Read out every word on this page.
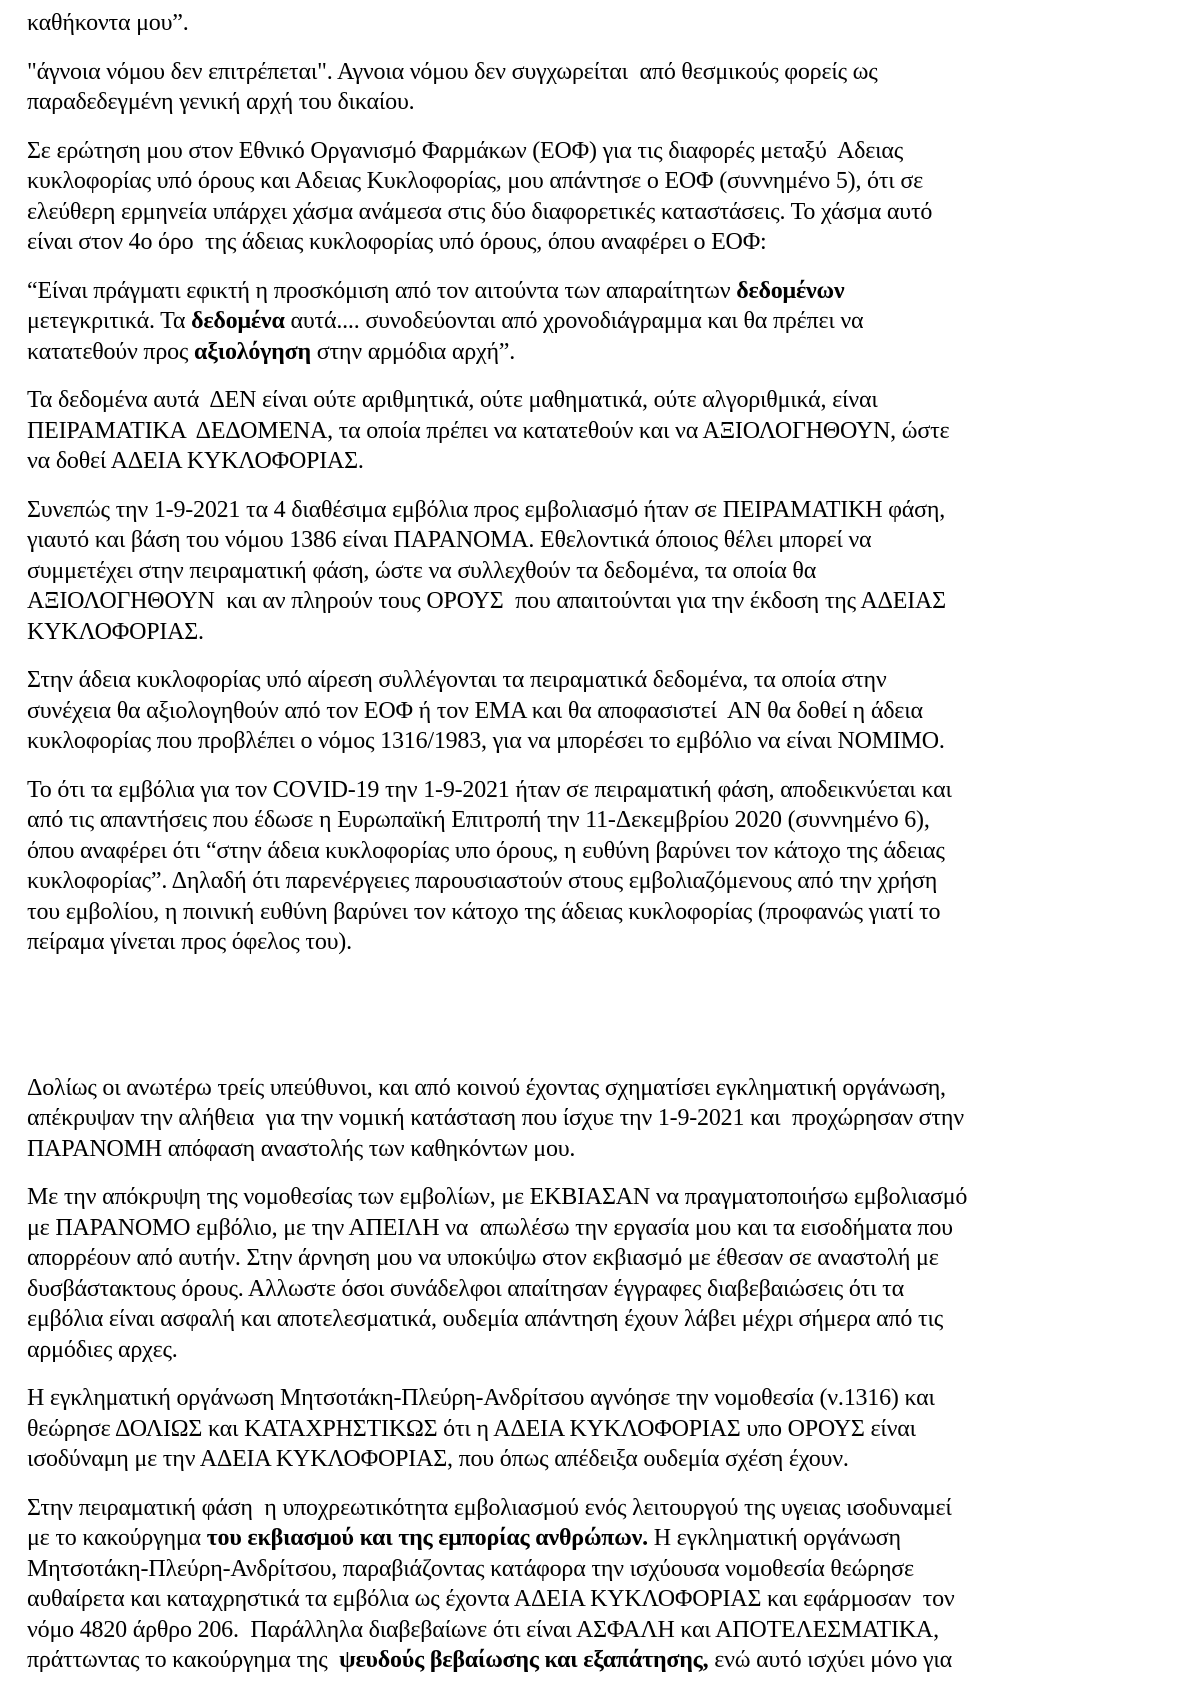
καθήκοντα μου”.
"άγνοια νόμου δεν επιτρέπεται". Αγνοια νόμου δεν συγχωρείται  από θεσμικούς φορείς ως
παραδεδεγμένη γενική αρχή του δικαίου.
Σε ερώτηση μου στον Εθνικό Οργανισμό Φαρμάκων (ΕΟΦ) για τις διαφορές μεταξύ  Αδειας
κυκλοφορίας υπό όρους και Αδειας Κυκλοφορίας, μου απάντησε ο ΕΟΦ (συννημένο 5), ότι σε
ελεύθερη ερμηνεία υπάρχει χάσμα ανάμεσα στις δύο διαφορετικές καταστάσεις. Το χάσμα αυτό
είναι στον 4ο όρο  της άδειας κυκλοφορίας υπό όρους, όπου αναφέρει ο ΕΟΦ:
“Είναι πράγματι εφικτή η προσκόμιση από τον αιτούντα των απαραίτητων δεδομένων
μετεγκριτικά. Τα δεδομένα αυτά.... συνοδεύονται από χρονοδιάγραμμα και θα πρέπει να
κατατεθούν προς αξιολόγηση στην αρμόδια αρχή”.
Τα δεδομένα αυτά  ΔΕΝ είναι ούτε αριθμητικά, ούτε μαθηματικά, ούτε αλγοριθμικά, είναι
ΠΕΙΡΑΜΑΤΙΚΑ  ΔΕΔΟΜΕΝΑ, τα οποία πρέπει να κατατεθούν και να ΑΞΙΟΛΟΓΗΘΟΥΝ, ώστε
να δοθεί ΑΔΕΙΑ ΚΥΚΛΟΦΟΡΙΑΣ.
Συνεπώς την 1-9-2021 τα 4 διαθέσιμα εμβόλια προς εμβολιασμό ήταν σε ΠΕΙΡΑΜΑΤΙΚΗ φάση,
γιαυτό και βάση του νόμου 1386 είναι ΠΑΡΑΝΟΜΑ. Εθελοντικά όποιος θέλει μπορεί να
συμμετέχει στην πειραματική φάση, ώστε να συλλεχθούν τα δεδομένα, τα οποία θα
ΑΞΙΟΛΟΓΗΘΟΥΝ  και αν πληρούν τους ΟΡΟΥΣ  που απαιτούνται για την έκδοση της ΑΔΕΙΑΣ
ΚΥΚΛΟΦΟΡΙΑΣ.
Στην άδεια κυκλοφορίας υπό αίρεση συλλέγονται τα πειραματικά δεδομένα, τα οποία στην
συνέχεια θα αξιολογηθούν από τον ΕΟΦ ή τον ΕΜΑ και θα αποφασιστεί  ΑΝ θα δοθεί η άδεια
κυκλοφορίας που προβλέπει ο νόμος 1316/1983, για να μπορέσει το εμβόλιο να είναι ΝΟΜΙΜΟ.
Το ότι τα εμβόλια για τον COVID-19 την 1-9-2021 ήταν σε πειραματική φάση, αποδεικνύεται και
από τις απαντήσεις που έδωσε η Ευρωπαϊκή Επιτροπή την 11-Δεκεμβρίου 2020 (συννημένο 6),
όπου αναφέρει ότι “στην άδεια κυκλοφορίας υπο όρους, η ευθύνη βαρύνει τον κάτοχο της άδειας
κυκλοφορίας”. Δηλαδή ότι παρενέργειες παρουσιαστούν στους εμβολιαζόμενους από την χρήση
του εμβολίου, η ποινική ευθύνη βαρύνει τον κάτοχο της άδειας κυκλοφορίας (προφανώς γιατί το
πείραμα γίνεται προς όφελος του).
Δολίως οι ανωτέρω τρείς υπεύθυνοι, και από κοινού έχοντας σχηματίσει εγκληματική οργάνωση,
απέκρυψαν την αλήθεια  για την νομική κατάσταση που ίσχυε την 1-9-2021 και  προχώρησαν στην
ΠΑΡΑΝΟΜΗ απόφαση αναστολής των καθηκόντων μου.
Με την απόκρυψη της νομοθεσίας των εμβολίων, με ΕΚΒΙΑΣΑΝ να πραγματοποιήσω εμβολιασμό
με ΠΑΡΑΝΟΜΟ εμβόλιο, με την ΑΠΕΙΛΗ να  απωλέσω την εργασία μου και τα εισοδήματα που
απορρέουν από αυτήν. Στην άρνηση μου να υποκύψω στον εκβιασμό με έθεσαν σε αναστολή με
δυσβάστακτους όρους. Αλλωστε όσοι συνάδελφοι απαίτησαν έγγραφες διαβεβαιώσεις ότι τα
εμβόλια είναι ασφαλή και αποτελεσματικά, ουδεμία απάντηση έχουν λάβει μέχρι σήμερα από τις
αρμόδιες αρχες.
Η εγκληματική οργάνωση Μητσοτάκη-Πλεύρη-Ανδρίτσου αγνόησε την νομοθεσία (ν.1316) και
θεώρησε ΔΟΛΙΩΣ και ΚΑΤΑΧΡΗΣΤΙΚΩΣ ότι η ΑΔΕΙΑ ΚΥΚΛΟΦΟΡΙΑΣ υπο ΟΡΟΥΣ είναι
ισοδύναμη με την ΑΔΕΙΑ ΚΥΚΛΟΦΟΡΙΑΣ, που όπως απέδειξα ουδεμία σχέση έχουν.
Στην πειραματική φάση  η υποχρεωτικότητα εμβολιασμού ενός λειτουργού της υγειας ισοδυναμεί
με το κακούργημα του εκβιασμού και της εμπορίας ανθρώπων. Η εγκληματική οργάνωση
Μητσοτάκη-Πλεύρη-Ανδρίτσου, παραβιάζοντας κατάφορα την ισχύουσα νομοθεσία θεώρησε
αυθαίρετα και καταχρηστικά τα εμβόλια ως έχοντα ΑΔΕΙΑ ΚΥΚΛΟΦΟΡΙΑΣ και εφάρμοσαν  τον
νόμο 4820 άρθρο 206.  Παράλληλα διαβεβαίωνε ότι είναι ΑΣΦΑΛΗ και ΑΠΟΤΕΛΕΣΜΑΤΙΚΑ,
πράττωντας το κακούργημα της  ψευδούς βεβαίωσης και εξαπάτησης, ενώ αυτό ισχύει μόνο για
